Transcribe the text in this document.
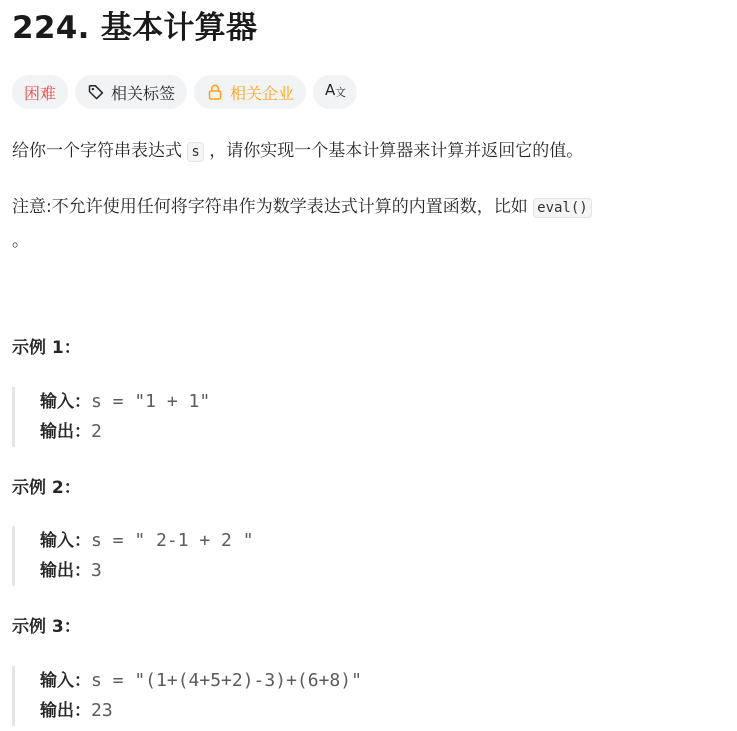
224. 基本计算器
困难	相关标签	相关企业 A 文

给你一个字符串表达式 s ，请你实现一个基本计算器来计算并返回它的值。

注意:不允许使用任何将字符串作为数学表达式计算的内置函数，比如 eval()

。

示例 1：
输入：s = "1 + 1"
输出：2
示例 2：
输入：s = " 2-1 + 2 "
输出：3
示例 3：
输入：s = "(1+(4+5+2)-3)+(6+8)"
输出：23
